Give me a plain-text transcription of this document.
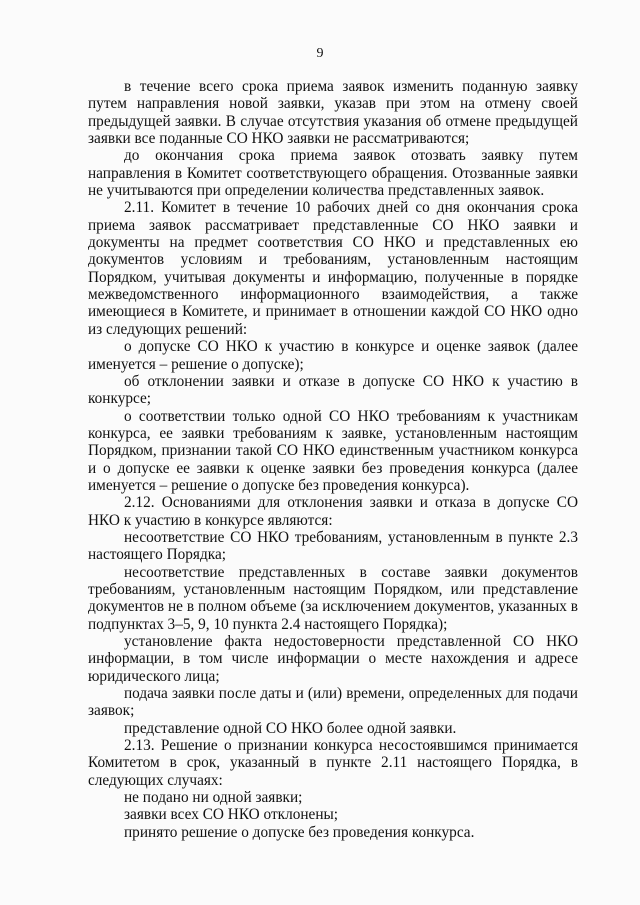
9

в течение всего срока приема заявок изменить поданную заявку путем направления новой заявки, указав при этом на отмену своей предыдущей заявки. В случае отсутствия указания об отмене предыдущей заявки все поданные СО НКО заявки не рассматриваются;

до окончания срока приема заявок отозвать заявку путем направления в Комитет соответствующего обращения. Отозванные заявки не учитываются при определении количества представленных заявок.

2.11. Комитет в течение 10 рабочих дней со дня окончания срока приема заявок рассматривает представленные СО НКО заявки и документы на предмет соответствия СО НКО и представленных ею документов условиям и требованиям, установленным настоящим Порядком, учитывая документы и информацию, полученные в порядке межведомственного информационного взаимодействия, а также имеющиеся в Комитете, и принимает в отношении каждой СО НКО одно из следующих решений:

о допуске СО НКО к участию в конкурсе и оценке заявок (далее именуется – решение о допуске);

об отклонении заявки и отказе в допуске СО НКО к участию в конкурсе;

о соответствии только одной СО НКО требованиям к участникам конкурса, ее заявки требованиям к заявке, установленным настоящим Порядком, признании такой СО НКО единственным участником конкурса и о допуске ее заявки к оценке заявки без проведения конкурса (далее именуется – решение о допуске без проведения конкурса).

2.12. Основаниями для отклонения заявки и отказа в допуске СО НКО к участию в конкурсе являются:

несоответствие СО НКО требованиям, установленным в пункте 2.3 настоящего Порядка;

несоответствие представленных в составе заявки документов требованиям, установленным настоящим Порядком, или представление документов не в полном объеме (за исключением документов, указанных в подпунктах 3–5, 9, 10 пункта 2.4 настоящего Порядка);

установление факта недостоверности представленной СО НКО информации, в том числе информации о месте нахождения и адресе юридического лица;

подача заявки после даты и (или) времени, определенных для подачи заявок;

представление одной СО НКО более одной заявки.

2.13. Решение о признании конкурса несостоявшимся принимается Комитетом в срок, указанный в пункте 2.11 настоящего Порядка, в следующих случаях:

не подано ни одной заявки;

заявки всех СО НКО отклонены;

принято решение о допуске без проведения конкурса.
